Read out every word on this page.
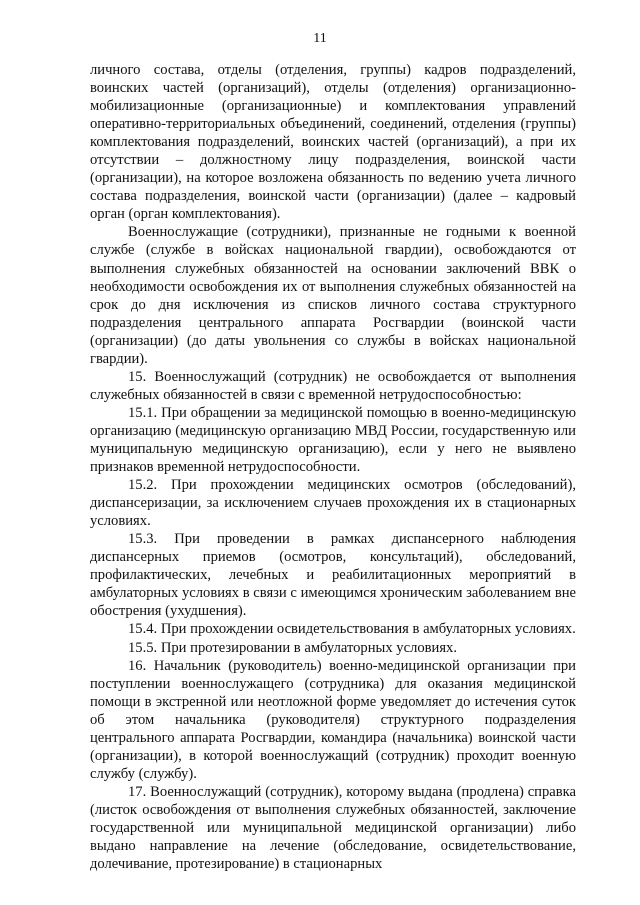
11

личного состава, отделы (отделения, группы) кадров подразделений, воинских частей (организаций), отделы (отделения) организационно-мобилизационные (организационные) и комплектования управлений оперативно-территориальных объединений, соединений, отделения (группы) комплектования подразделений, воинских частей (организаций), а при их отсутствии – должностному лицу подразделения, воинской части (организации), на которое возложена обязанность по ведению учета личного состава подразделения, воинской части (организации) (далее – кадровый орган (орган комплектования).

Военнослужащие (сотрудники), признанные не годными к военной службе (службе в войсках национальной гвардии), освобождаются от выполнения служебных обязанностей на основании заключений ВВК о необходимости освобождения их от выполнения служебных обязанностей на срок до дня исключения из списков личного состава структурного подразделения центрального аппарата Росгвардии (воинской части (организации) (до даты увольнения со службы в войсках национальной гвардии).

15. Военнослужащий (сотрудник) не освобождается от выполнения служебных обязанностей в связи с временной нетрудоспособностью:

15.1. При обращении за медицинской помощью в военно-медицинскую организацию (медицинскую организацию МВД России, государственную или муниципальную медицинскую организацию), если у него не выявлено признаков временной нетрудоспособности.

15.2. При прохождении медицинских осмотров (обследований), диспансеризации, за исключением случаев прохождения их в стационарных условиях.

15.3. При проведении в рамках диспансерного наблюдения диспансерных приемов (осмотров, консультаций), обследований, профилактических, лечебных и реабилитационных мероприятий в амбулаторных условиях в связи с имеющимся хроническим заболеванием вне обострения (ухудшения).

15.4. При прохождении освидетельствования в амбулаторных условиях.

15.5. При протезировании в амбулаторных условиях.

16. Начальник (руководитель) военно-медицинской организации при поступлении военнослужащего (сотрудника) для оказания медицинской помощи в экстренной или неотложной форме уведомляет до истечения суток об этом начальника (руководителя) структурного подразделения центрального аппарата Росгвардии, командира (начальника) воинской части (организации), в которой военнослужащий (сотрудник) проходит военную службу (службу).

17. Военнослужащий (сотрудник), которому выдана (продлена) справка (листок освобождения от выполнения служебных обязанностей, заключение государственной или муниципальной медицинской организации) либо выдано направление на лечение (обследование, освидетельствование, долечивание, протезирование) в стационарных
